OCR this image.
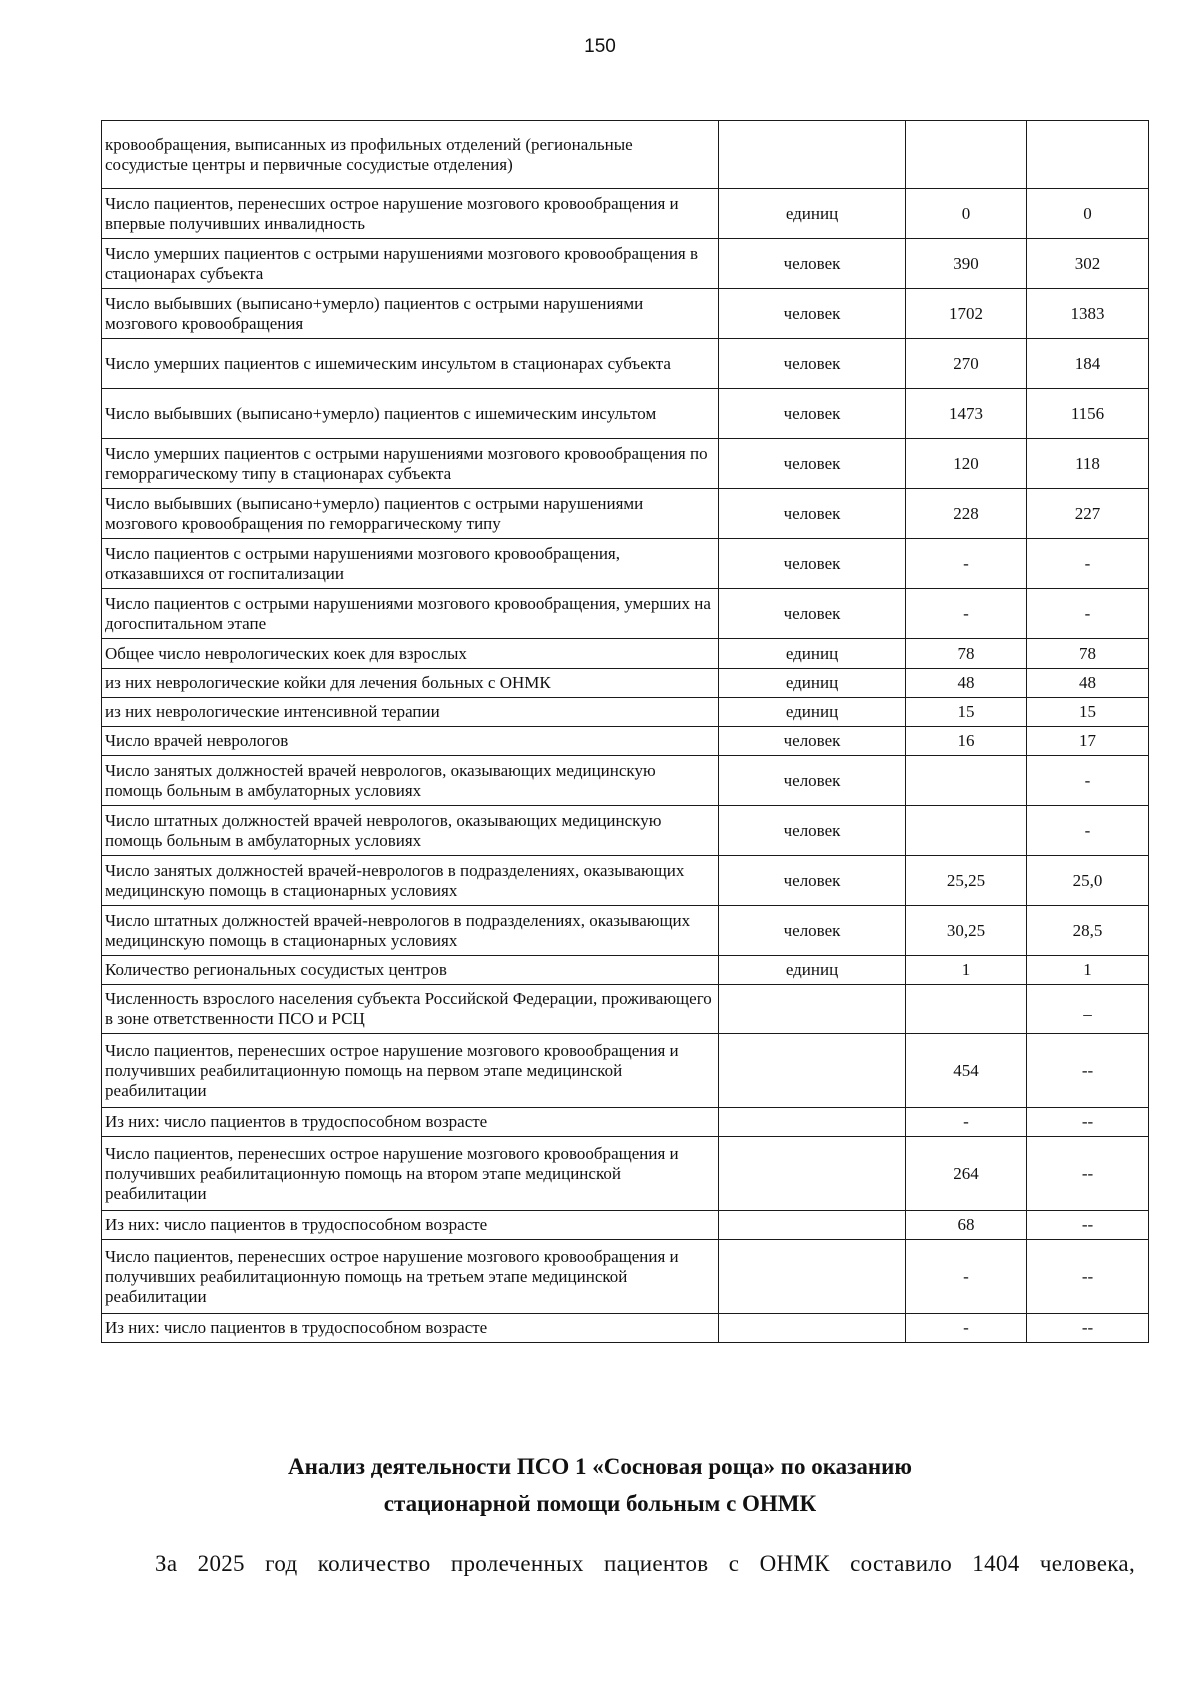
150
кровообращения, выписанных из профильных отделений (региональные сосудистые центры и первичные сосудистые отделения)			
Число пациентов, перенесших острое нарушение мозгового кровообращения и впервые получивших инвалидность	единиц	0	0
Число умерших пациентов с острыми нарушениями мозгового кровообращения в стационарах субъекта	человек	390	302
Число выбывших (выписано+умерло) пациентов с острыми нарушениями мозгового кровообращения	человек	1702	1383
Число умерших пациентов с ишемическим инсультом в стационарах субъекта	человек	270	184
Число выбывших (выписано+умерло) пациентов с ишемическим инсультом	человек	1473	1156
Число умерших пациентов с острыми нарушениями мозгового кровообращения по геморрагическому типу в стационарах субъекта	человек	120	118
Число выбывших (выписано+умерло) пациентов с острыми нарушениями мозгового кровообращения по геморрагическому типу	человек	228	227
Число пациентов с острыми нарушениями мозгового кровообращения, отказавшихся от госпитализации	человек	-	-
Число пациентов с острыми нарушениями мозгового кровообращения, умерших на догоспитальном этапе	человек	-	-
Общее число неврологических коек для взрослых	единиц	78	78
из них неврологические койки для лечения больных с ОНМК	единиц	48	48
из них неврологические интенсивной терапии	единиц	15	15
Число врачей неврологов	человек	16	17
Число занятых должностей врачей неврологов, оказывающих медицинскую помощь больным в амбулаторных условиях	человек		-
Число штатных должностей врачей неврологов, оказывающих медицинскую помощь больным в амбулаторных условиях	человек		-
Число занятых должностей врачей-неврологов в подразделениях, оказывающих медицинскую помощь в стационарных условиях	человек	25,25	25,0
Число штатных должностей врачей-неврологов в подразделениях, оказывающих медицинскую помощь в стационарных условиях	человек	30,25	28,5
Количество региональных сосудистых центров	единиц	1	1
Численность взрослого населения субъекта Российской Федерации, проживающего в зоне ответственности ПСО и РСЦ			_
Число пациентов, перенесших острое нарушение мозгового кровообращения и получивших реабилитационную помощь на первом этапе медицинской реабилитации		454	--
Из них: число пациентов в трудоспособном возрасте		-	--
Число пациентов, перенесших острое нарушение мозгового кровообращения и получивших реабилитационную помощь на втором этапе медицинской реабилитации		264	--
Из них: число пациентов в трудоспособном возрасте		68	--
Число пациентов, перенесших острое нарушение мозгового кровообращения и получивших реабилитационную помощь на третьем этапе медицинской реабилитации		-	--
Из них: число пациентов в трудоспособном возрасте		-	--
Анализ деятельности ПСО 1 «Сосновая роща» по оказанию
стационарной помощи больным с ОНМК
За 2025 год количество пролеченных пациентов с ОНМК составило 1404 человека,
